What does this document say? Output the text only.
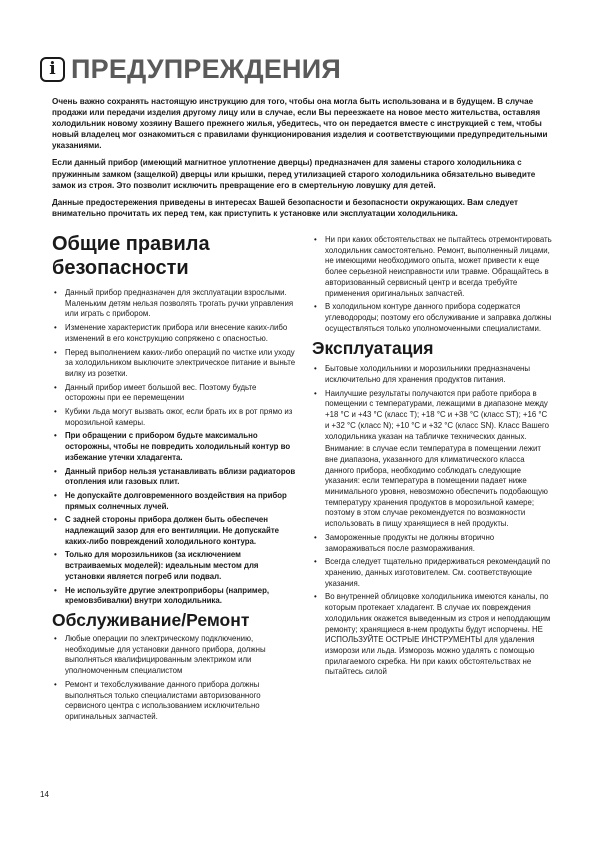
i ПРЕДУПРЕЖДЕНИЯ

Очень важно сохранять настоящую инструкцию для того, чтобы она могла быть использована и в будущем. В случае продажи или передачи изделия другому лицу или в случае, если Вы переезжаете на новое место жительства, оставляя холодильник новому хозяину Вашего прежнего жилья, убедитесь, что он передается вместе с инструкцией с тем, чтобы новый владелец мог ознакомиться с правилами функционирования изделия и соответствующими предупредительными указаниями.

Если данный прибор (имеющий магнитное уплотнение дверцы) предназначен для замены старого холодильника с пружинным замком (защелкой) дверцы или крышки, перед утилизацией старого холодильника обязательно выведите замок из строя. Это позволит исключить превращение его в смертельную ловушку для детей.

Данные предостережения приведены в интересах Вашей безопасности и безопасности окружающих. Вам следует внимательно прочитать их перед тем, как приступить к установке или эксплуатации холодильника.

Общие правила безопасности
• Данный прибор предназначен для эксплуатации взрослыми. Маленьким детям нельзя позволять трогать ручки управления или играть с прибором.
• Изменение характеристик прибора или внесение каких-либо изменений в его конструкцию сопряжено с опасностью.
• Перед выполнением каких-либо операций по чистке или уходу за холодильником выключите электрическое питание и выньте вилку из розетки.
• Данный прибор имеет большой вес. Поэтому будьте осторожны при ее перемещении
• Кубики льда могут вызвать ожог, если брать их в рот прямо из морозильной камеры.
• При обращении с прибором будьте максимально осторожны, чтобы не повредить холодильный контур во избежание утечки хладагента.
• Данный прибор нельзя устанавливать вблизи радиаторов отопления или газовых плит.
• Не допускайте долговременного воздействия на прибор прямых солнечных лучей.
• С задней стороны прибора должен быть обеспечен надлежащий зазор для его вентиляции. Не допускайте каких-либо повреждений холодильного контура.
• Только для морозильников (за исключением встраиваемых моделей): идеальным местом для установки является погреб или подвал.
• Не используйте другие электроприборы (например, кремовзбивалки) внутри холодильника.
Обслуживание/Ремонт
• Любые операции по электрическому подключению, необходимые для установки данного прибора, должны выполняться квалифицированным электриком или уполномоченным специалистом
• Ремонт и техобслуживание данного прибора должны выполняться только специалистами авторизованного сервисного центра с использованием исключительно оригинальных запчастей.
• Ни при каких обстоятельствах не пытайтесь отремонтировать холодильник самостоятельно. Ремонт, выполненный лицами, не имеющими необходимого опыта, может привести к еще более серьезной неисправности или травме. Обращайтесь в авторизованный сервисный центр и всегда требуйте применения оригинальных запчастей.
• В холодильном контуре данного прибора содержатся углеводороды; поэтому его обслуживание и заправка должны осуществляться только уполномоченными специалистами.
Эксплуатация
• Бытовые холодильники и морозильники предназначены исключительно для хранения продуктов питания.
• Наилучшие результаты получаются при работе прибора в помещении с температурами, лежащими в диапазоне между +18 °С и +43 °С (класс T); +18 °С и +38 °С (класс ST); +16 °С и +32 °С (класс N); +10 °С и +32 °С (класс SN). Класс Вашего холодильника указан на табличке технических данных.
Внимание: в случае если температура в помещении лежит вне диапазона, указанного для климатического класса данного прибора, необходимо соблюдать следующие указания: если температура в помещении падает ниже минимального уровня, невозможно обеспечить подобающую температуру хранения продуктов в морозильной камере; поэтому в этом случае рекомендуется по возможности использовать в пищу хранящиеся в ней продукты.
• Замороженные продукты не должны вторично замораживаться после размораживания.
• Всегда следует тщательно придерживаться рекомендаций по хранению, данных изготовителем. См. соответствующие указания.
• Во внутренней облицовке холодильника имеются каналы, по которым протекает хладагент. В случае их повреждения холодильник окажется выведенным из строя и неподдающим ремонту; хранящиеся в-нем продукты будут испорчены. НЕ ИСПОЛЬЗУЙТЕ ОСТРЫЕ ИНСТРУМЕНТЫ для удаления изморози или льда. Изморозь можно удалять с помощью прилагаемого скребка. Ни при каких обстоятельствах не пытайтесь силой
14
